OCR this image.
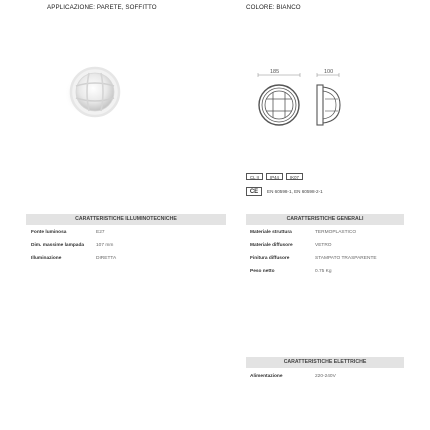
APPLICAZIONE: PARETE, SOFFITTO	COLORE: BIANCO
185	100
CL II	IP44	IK07
CE	EN 60598-1, EN 60598-2-1
CARATTERISTICHE ILLUMINOTECNICHE
Fonte luminosa	E27
Dim. massime lampada 107 mm
Illuminazione	DIRETTA
CARATTERISTICHE GENERALI
Materiale struttura	TERMOPLASTICO
Materiale diffusore	VETRO
Finitura diffusore	STAMPATO TRASPARENTE
Peso netto	0.75 Kg
CARATTERISTICHE ELETTRICHE
Alimentazione	220-240V
